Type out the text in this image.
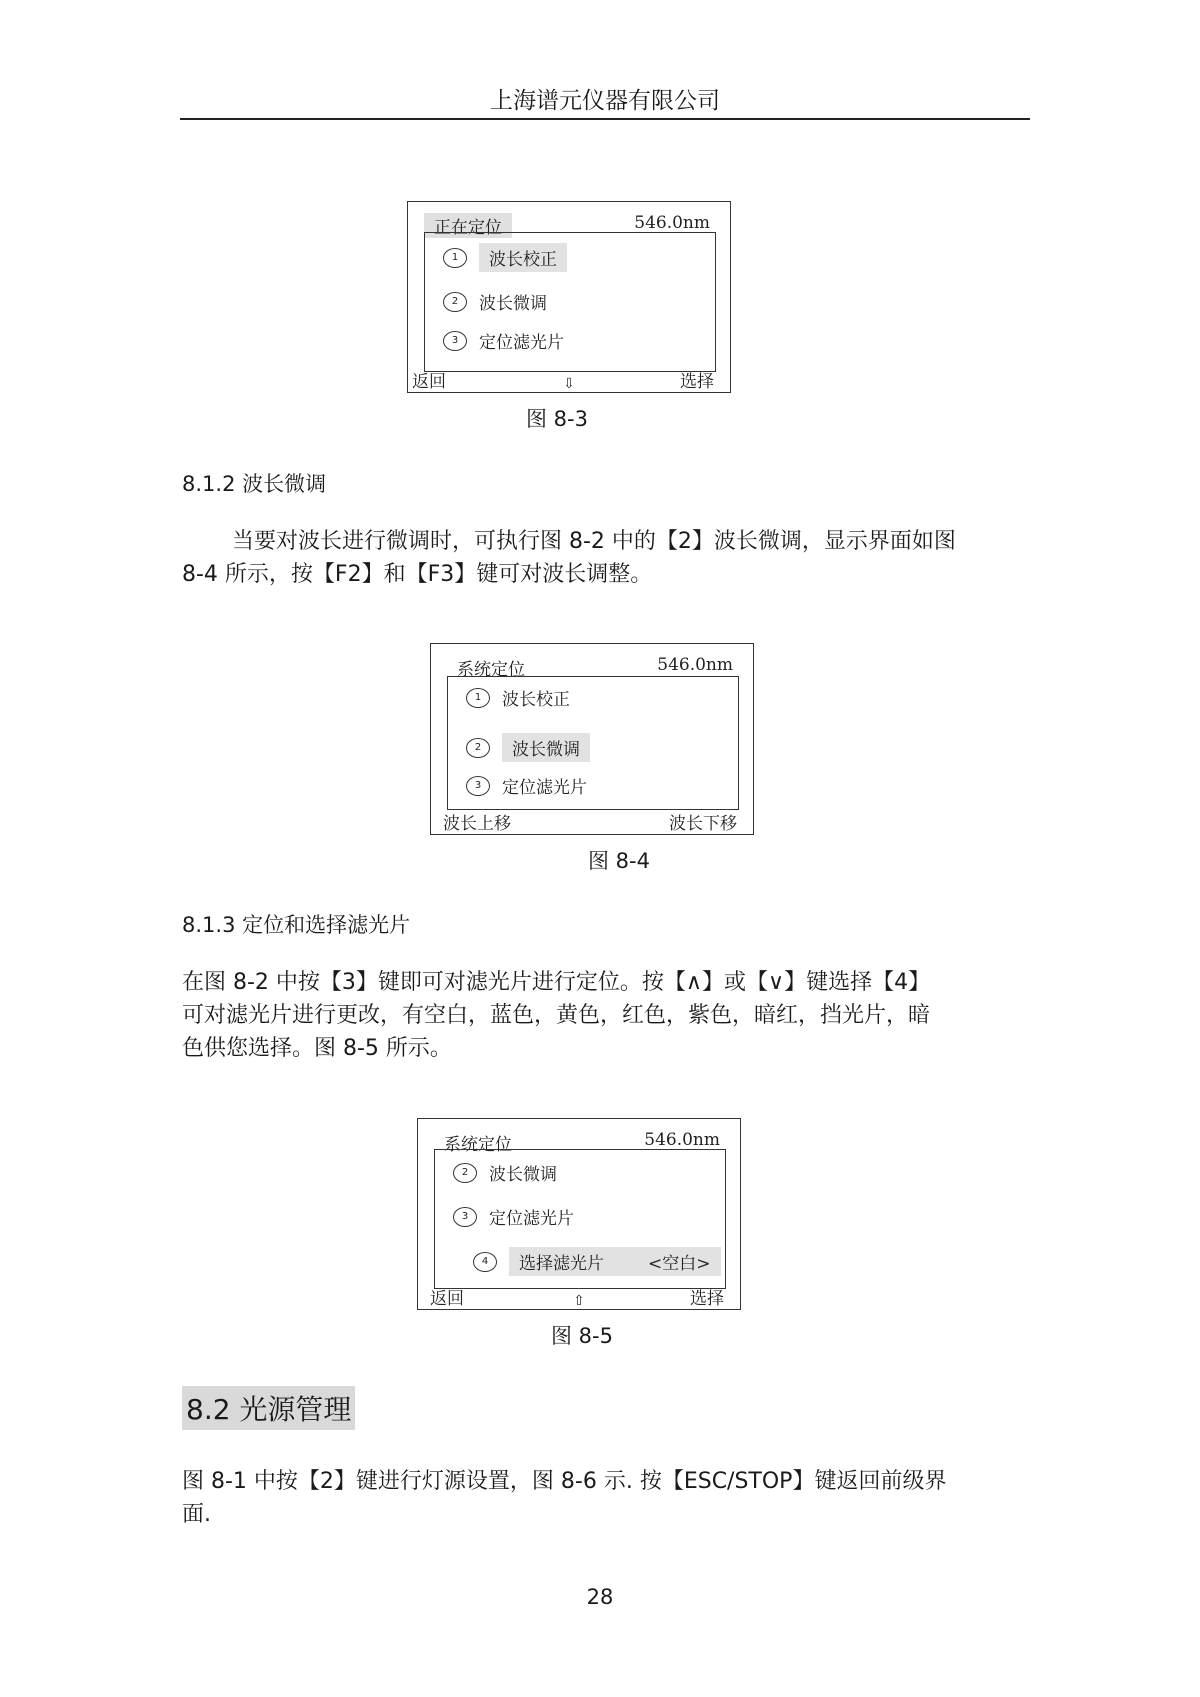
上海谱元仪器有限公司
正在定位	546.0nm
1	波长校正
2	波长微调
3	定位滤光片
返回	⇩	选择
图 8-3
8.1.2 波长微调
当要对波长进行微调时，可执行图 8-2 中的【2】波长微调，显示界面如图
8-4 所示，按【F2】和【F3】键可对波长调整。
系统定位	546.0nm
1	波长校正
2	波长微调
3	定位滤光片
波长上移	波长下移
图 8-4
8.1.3 定位和选择滤光片
在图 8-2 中按【3】键即可对滤光片进行定位。按【∧】或【∨】键选择【4】
可对滤光片进行更改，有空白，蓝色，黄色，红色，紫色，暗红，挡光片，暗
色供您选择。图 8-5 所示。
系统定位	546.0nm
2	波长微调
3	定位滤光片
4	选择滤光片	<空白>
返回	⇧	选择
图 8-5
8.2 光源管理
图 8-1 中按【2】键进行灯源设置，图 8-6 示. 按【ESC/STOP】键返回前级界
面.
28
